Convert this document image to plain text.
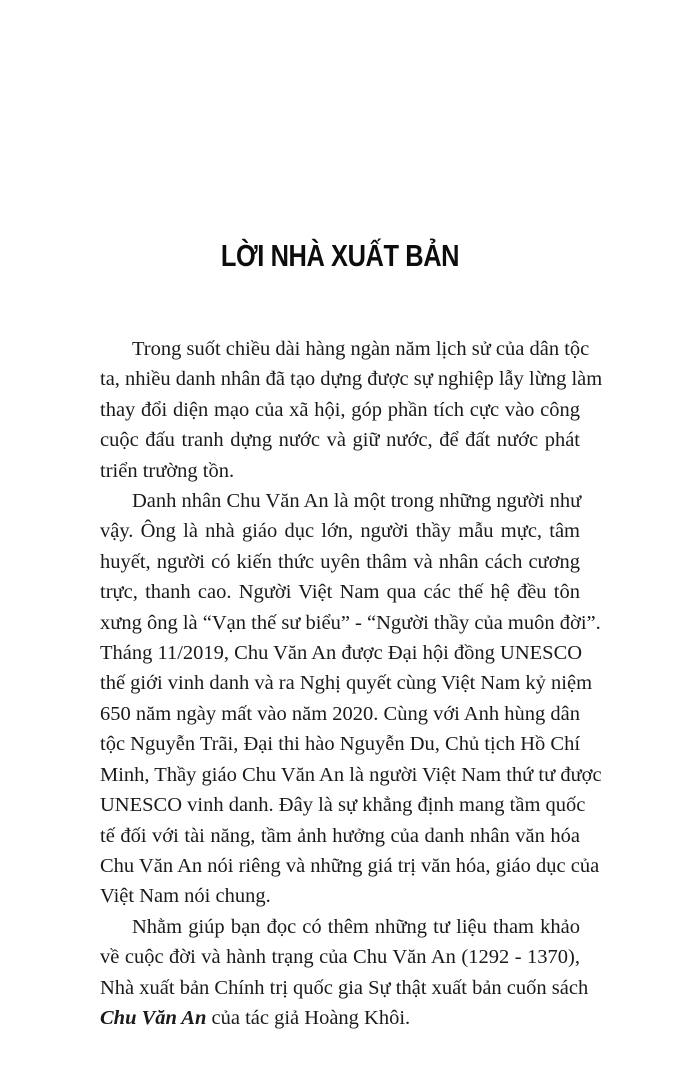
LỜI NHÀ XUẤT BẢN
Trong suốt chiều dài hàng ngàn năm lịch sử của dân tộc
ta, nhiều danh nhân đã tạo dựng được sự nghiệp lẫy lừng làm
thay đổi diện mạo của xã hội, góp phần tích cực vào công
cuộc đấu tranh dựng nước và giữ nước, để đất nước phát
triển trường tồn.
Danh nhân Chu Văn An là một trong những người như
vậy. Ông là nhà giáo dục lớn, người thầy mẫu mực, tâm
huyết, người có kiến thức uyên thâm và nhân cách cương
trực, thanh cao. Người Việt Nam qua các thế hệ đều tôn
xưng ông là “Vạn thế sư biểu” - “Người thầy của muôn đời”.
Tháng 11/2019, Chu Văn An được Đại hội đồng UNESCO
thế giới vinh danh và ra Nghị quyết cùng Việt Nam kỷ niệm
650 năm ngày mất vào năm 2020. Cùng với Anh hùng dân
tộc Nguyễn Trãi, Đại thi hào Nguyễn Du, Chủ tịch Hồ Chí
Minh, Thầy giáo Chu Văn An là người Việt Nam thứ tư được
UNESCO vinh danh. Đây là sự khẳng định mang tầm quốc
tế đối với tài năng, tầm ảnh hưởng của danh nhân văn hóa
Chu Văn An nói riêng và những giá trị văn hóa, giáo dục của
Việt Nam nói chung.
Nhằm giúp bạn đọc có thêm những tư liệu tham khảo
về cuộc đời và hành trạng của Chu Văn An (1292 - 1370),
Nhà xuất bản Chính trị quốc gia Sự thật xuất bản cuốn sách
Chu Văn An của tác giả Hoàng Khôi.
